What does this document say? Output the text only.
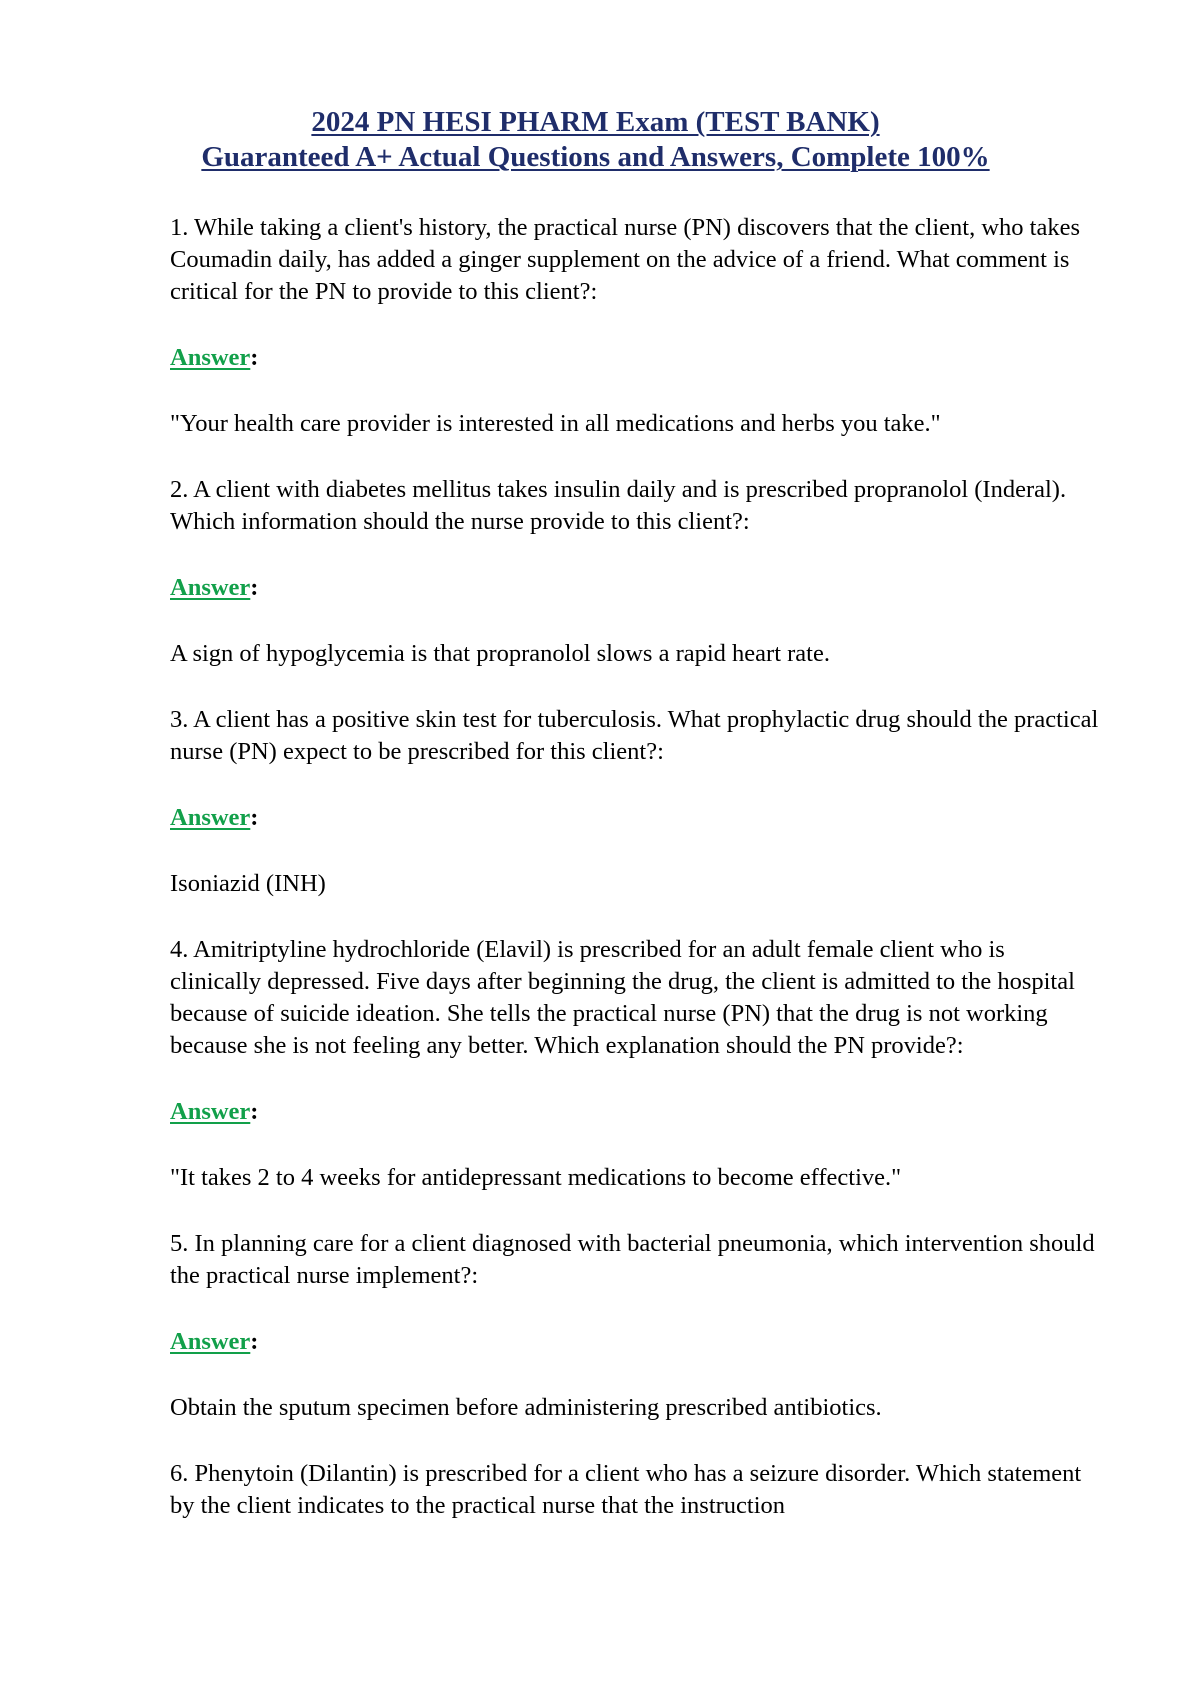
2024 PN HESI PHARM Exam (TEST BANK)
Guaranteed A+ Actual Questions and Answers, Complete 100%

1. While taking a client's history, the practical nurse (PN) discovers that the client, who takes Coumadin daily, has added a ginger supplement on the advice of a friend. What comment is critical for the PN to provide to this client?:

Answer:

"Your health care provider is interested in all medications and herbs you take."

2. A client with diabetes mellitus takes insulin daily and is prescribed propranolol (Inderal). Which information should the nurse provide to this client?:

Answer:

A sign of hypoglycemia is that propranolol slows a rapid heart rate.

3. A client has a positive skin test for tuberculosis. What prophylactic drug should the practical nurse (PN) expect to be prescribed for this client?:

Answer:

Isoniazid (INH)

4. Amitriptyline hydrochloride (Elavil) is prescribed for an adult female client who is clinically depressed. Five days after beginning the drug, the client is admitted to the hospital because of suicide ideation. She tells the practical nurse (PN) that the drug is not working because she is not feeling any better. Which explanation should the PN provide?:

Answer:

"It takes 2 to 4 weeks for antidepressant medications to become effective."

5. In planning care for a client diagnosed with bacterial pneumonia, which intervention should the practical nurse implement?:

Answer:

Obtain the sputum specimen before administering prescribed antibiotics.

6. Phenytoin (Dilantin) is prescribed for a client who has a seizure disorder. Which statement by the client indicates to the practical nurse that the instruction
